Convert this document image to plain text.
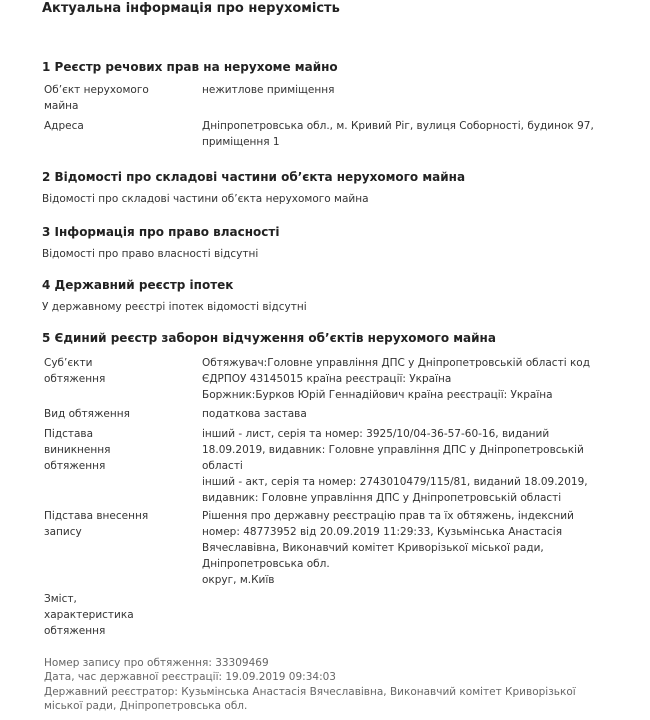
Актуальна інформація про нерухомість
1 Реєстр речових прав на нерухоме майно
Об’єкт нерухомого майна
нежитлове приміщення
Адреса	Дніпропетровська обл., м. Кривий Ріг, вулиця Соборності, будинок 97,
приміщення 1
2 Відомості про складові частини об’єкта нерухомого майна
Відомості про складові частини об’єкта нерухомого майна
3 Інформація про право власності
Відомості про право власності відсутні
4 Державний реєстр іпотек
У державному реєстрі іпотек відомості відсутні
5 Єдиний реєстр заборон відчуження об’єктів нерухомого майна
Суб’єкти обтяження
Обтяжувач:Головне управління ДПС у Дніпропетровській області код
ЄДРПОУ 43145015 країна реєстрації: Україна
Боржник:Бурков Юрій Геннадійович країна реєстрації: Україна
Вид обтяження	податкова застава
Підстава виникнення обтяження
інший - лист, серія та номер: 3925/10/04-36-57-60-16, виданий
18.09.2019, видавник: Головне управління ДПС у Дніпропетровській
області
інший - акт, серія та номер: 2743010479/115/81, виданий 18.09.2019,
видавник: Головне управління ДПС у Дніпропетровській області
Підстава внесення запису
Рішення про державну реєстрацію прав та їх обтяжень, індексний
номер: 48773952 від 20.09.2019 11:29:33, Кузьмінська Анастасія
Вячеславівна, Виконавчий комітет Криворізької міської ради,
Дніпропетровська обл.
округ, м.Київ
Зміст, характеристика обтяження
Номер запису про обтяження: 33309469
Дата, час державної реєстрації: 19.09.2019 09:34:03
Державний реєстратор: Кузьмінська Анастасія Вячеславівна, Виконавчий комітет Криворізької міської ради, Дніпропетровська обл.
